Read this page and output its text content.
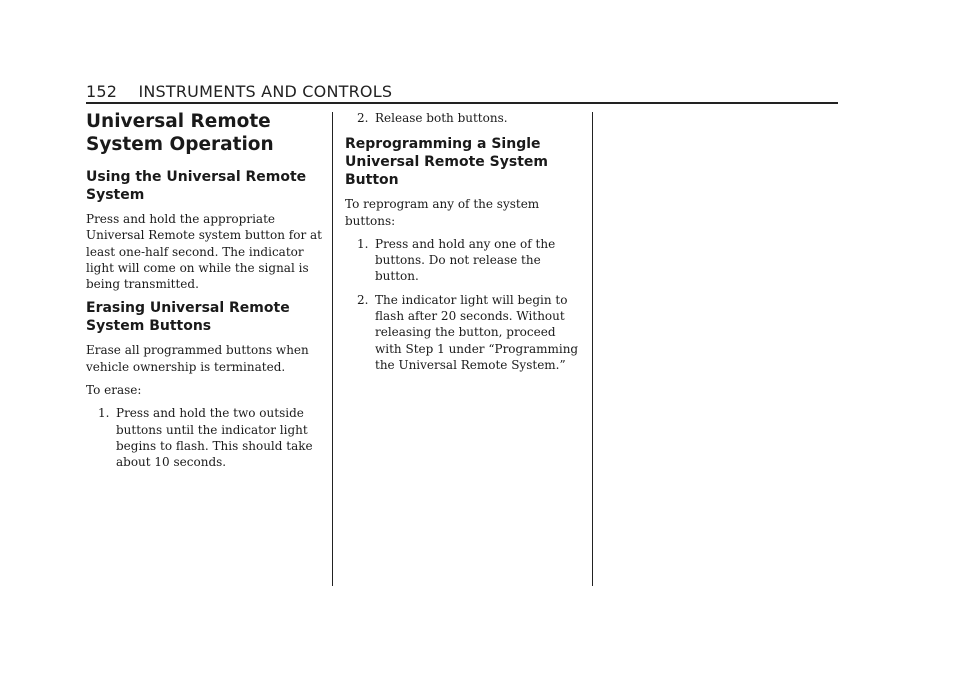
152 INSTRUMENTS AND CONTROLS
Universal Remote System Operation
Using the Universal Remote System

Press and hold the appropriate Universal Remote system button for at least one-half second. The indicator light will come on while the signal is being transmitted.

Erasing Universal Remote System Buttons

Erase all programmed buttons when vehicle ownership is terminated.

To erase:

1. Press and hold the two outside buttons until the indicator light begins to flash. This should take about 10 seconds.
2. Release both buttons.
Reprogramming a Single Universal Remote System Button

To reprogram any of the system buttons:

1. Press and hold any one of the buttons. Do not release the button.
2. The indicator light will begin to flash after 20 seconds. Without releasing the button, proceed with Step 1 under “Programming the Universal Remote System.”
